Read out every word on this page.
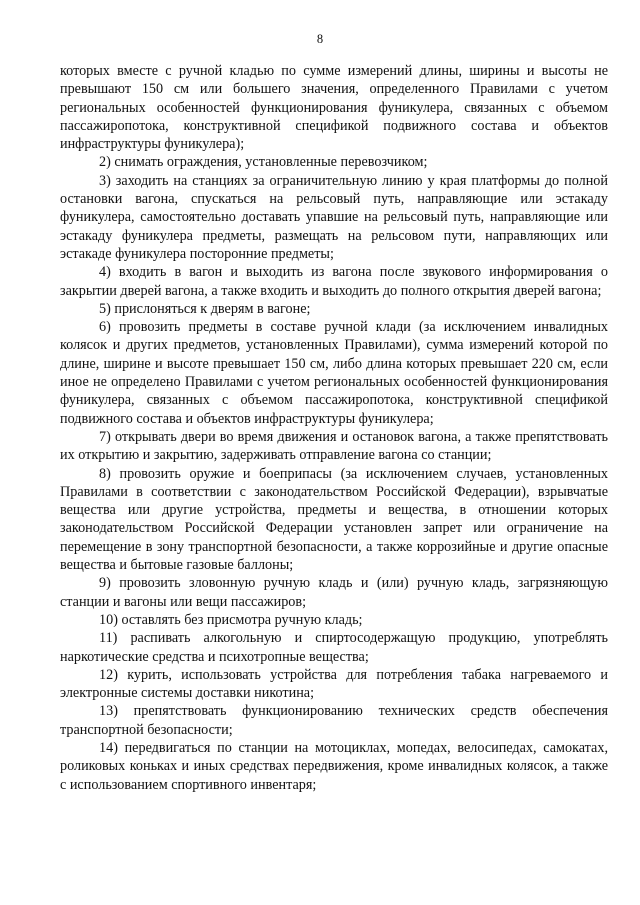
8

которых вместе с ручной кладью по сумме измерений длины, ширины и высоты не превышают 150 см или большего значения, определенного Правилами с учетом региональных особенностей функционирования фуникулера, связанных с объемом пассажиропотока, конструктивной спецификой подвижного состава и объектов инфраструктуры фуникулера);

2) снимать ограждения, установленные перевозчиком;

3) заходить на станциях за ограничительную линию у края платформы до полной остановки вагона, спускаться на рельсовый путь, направляющие или эстакаду фуникулера, самостоятельно доставать упавшие на рельсовый путь, направляющие или эстакаду фуникулера предметы, размещать на рельсовом пути, направляющих или эстакаде фуникулера посторонние предметы;

4) входить в вагон и выходить из вагона после звукового информирования о закрытии дверей вагона, а также входить и выходить до полного открытия дверей вагона;

5) прислоняться к дверям в вагоне;

6) провозить предметы в составе ручной клади (за исключением инвалидных колясок и других предметов, установленных Правилами), сумма измерений которой по длине, ширине и высоте превышает 150 см, либо длина которых превышает 220 см, если иное не определено Правилами с учетом региональных особенностей функционирования фуникулера, связанных с объемом пассажиропотока, конструктивной спецификой подвижного состава и объектов инфраструктуры фуникулера;

7) открывать двери во время движения и остановок вагона, а также препятствовать их открытию и закрытию, задерживать отправление вагона со станции;

8) провозить оружие и боеприпасы (за исключением случаев, установленных Правилами в соответствии с законодательством Российской Федерации), взрывчатые вещества или другие устройства, предметы и вещества, в отношении которых законодательством Российской Федерации установлен запрет или ограничение на перемещение в зону транспортной безопасности, а также коррозийные и другие опасные вещества и бытовые газовые баллоны;

9) провозить зловонную ручную кладь и (или) ручную кладь, загрязняющую станции и вагоны или вещи пассажиров;

10) оставлять без присмотра ручную кладь;

11) распивать алкогольную и спиртосодержащую продукцию, употреблять наркотические средства и психотропные вещества;

12) курить, использовать устройства для потребления табака нагреваемого и электронные системы доставки никотина;

13) препятствовать функционированию технических средств обеспечения транспортной безопасности;

14) передвигаться по станции на мотоциклах, мопедах, велосипедах, самокатах, роликовых коньках и иных средствах передвижения, кроме инвалидных колясок, а также с использованием спортивного инвентаря;
